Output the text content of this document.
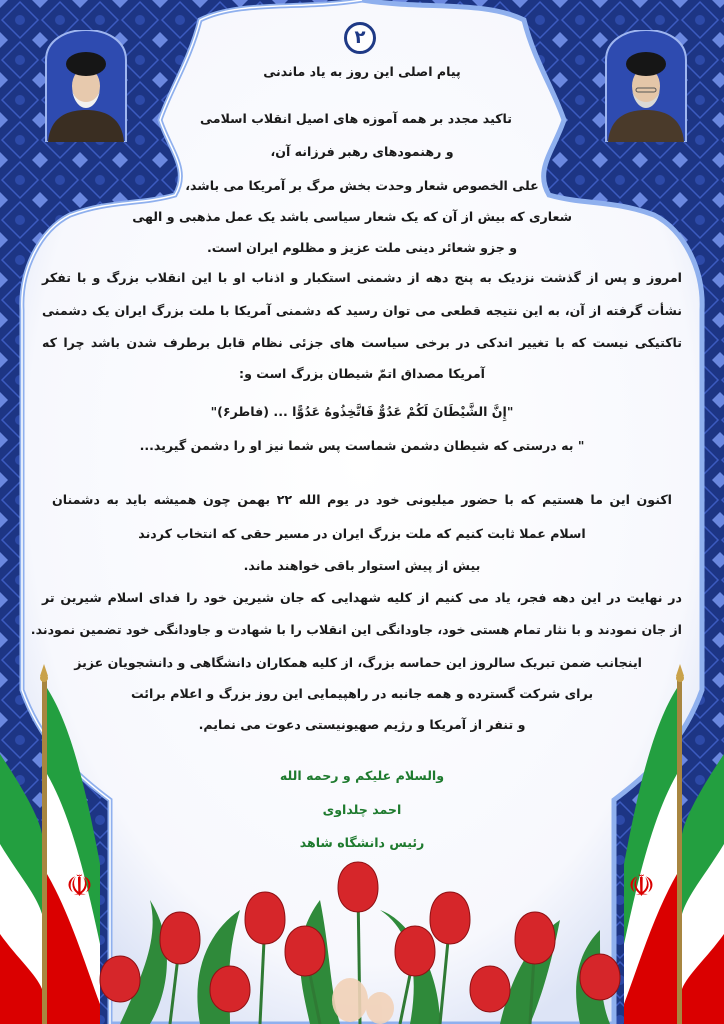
۲
پیام اصلی این روز به یاد ماندنی
تاکید مجدد بر همه آموزه های اصیل انقلاب اسلامی
و رهنمودهای رهبر فرزانه آن،
علی الخصوص شعار وحدت بخش مرگ بر آمریکا می باشد،
شعاری که بیش از آن که یک شعار سیاسی باشد یک عمل مذهبی و الهی
و جزو شعائر دینی ملت عزیز و مظلوم ایران است.
امروز و پس از گذشت نزدیک به پنج دهه از دشمنی استکبار و اذناب او با این انقلاب بزرگ و با تفکر
نشأت گرفته از آن، به این نتیجه قطعی می توان رسید که دشمنی آمریکا با ملت بزرگ ایران یک دشمنی
تاکتیکی نیست که با تغییر اندکی در برخی سیاست های جزئی نظام قابل برطرف شدن باشد چرا که
آمریکا مصداق اتمّ شیطان بزرگ است و:
"إِنَّ الشَّيْطَانَ لَكُمْ عَدُوٌّ فَاتَّخِذُوهُ عَدُوًّا ... (فاطر۶)"
" به درستی که شیطان دشمن شماست پس شما نیز او را دشمن گیرید...
اکنون این ما هستیم که با حضور میلیونی خود در یوم الله ۲۲ بهمن چون همیشه باید به دشمنان
اسلام عملا ثابت کنیم که ملت بزرگ ایران در مسیر حقی که انتخاب کردند
بیش از پیش استوار باقی خواهند ماند.
در نهایت در این دهه فجر، یاد می کنیم از کلیه شهدایی که جان شیرین خود را فدای اسلام شیرین تر
از جان نمودند و با نثار تمام هستی خود، جاودانگی این انقلاب را با شهادت و جاودانگی خود تضمین نمودند.
اینجانب ضمن تبریک سالروز این حماسه بزرگ، از کلیه همکاران دانشگاهی و دانشجویان عزیز
برای شرکت گسترده و همه جانبه در راهپیمایی این روز بزرگ و اعلام برائت
و تنفر از آمریکا و رژیم صهیونیستی دعوت می نمایم.
والسلام علیکم و رحمه الله
احمد چلداوی
رئیس دانشگاه شاهد
☫	☫
